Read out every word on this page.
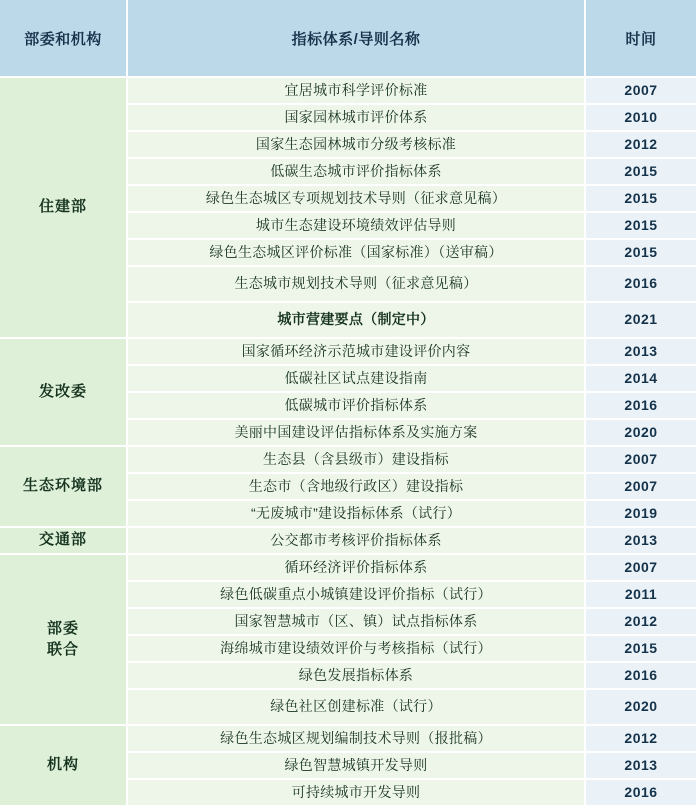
部委和机构	指标体系/导则名称	时间

住建部	宜居城市科学评价标准	2007
	国家园林城市评价体系	2010
	国家生态园林城市分级考核标准	2012
	低碳生态城市评价指标体系	2015
	绿色生态城区专项规划技术导则（征求意见稿）	2015
	城市生态建设环境绩效评估导则	2015
	绿色生态城区评价标准（国家标准）（送审稿）	2015
	生态城市规划技术导则（征求意见稿）	2016
	城市营建要点（制定中）	2021

发改委	国家循环经济示范城市建设评价内容	2013
	低碳社区试点建设指南	2014
	低碳城市评价指标体系	2016
	美丽中国建设评估指标体系及实施方案	2020

生态环境部	生态县（含县级市）建设指标	2007
	生态市（含地级行政区）建设指标	2007
	“无废城市”建设指标体系（试行）	2019

交通部	公交都市考核评价指标体系	2013

部委
联合	循环经济评价指标体系	2007
	绿色低碳重点小城镇建设评价指标（试行）	2011
	国家智慧城市（区、镇）试点指标体系	2012
	海绵城市建设绩效评价与考核指标（试行）	2015
	绿色发展指标体系	2016
	绿色社区创建标准（试行）	2020

机构	绿色生态城区规划编制技术导则（报批稿）	2012
	绿色智慧城镇开发导则	2013
	可持续城市开发导则	2016
